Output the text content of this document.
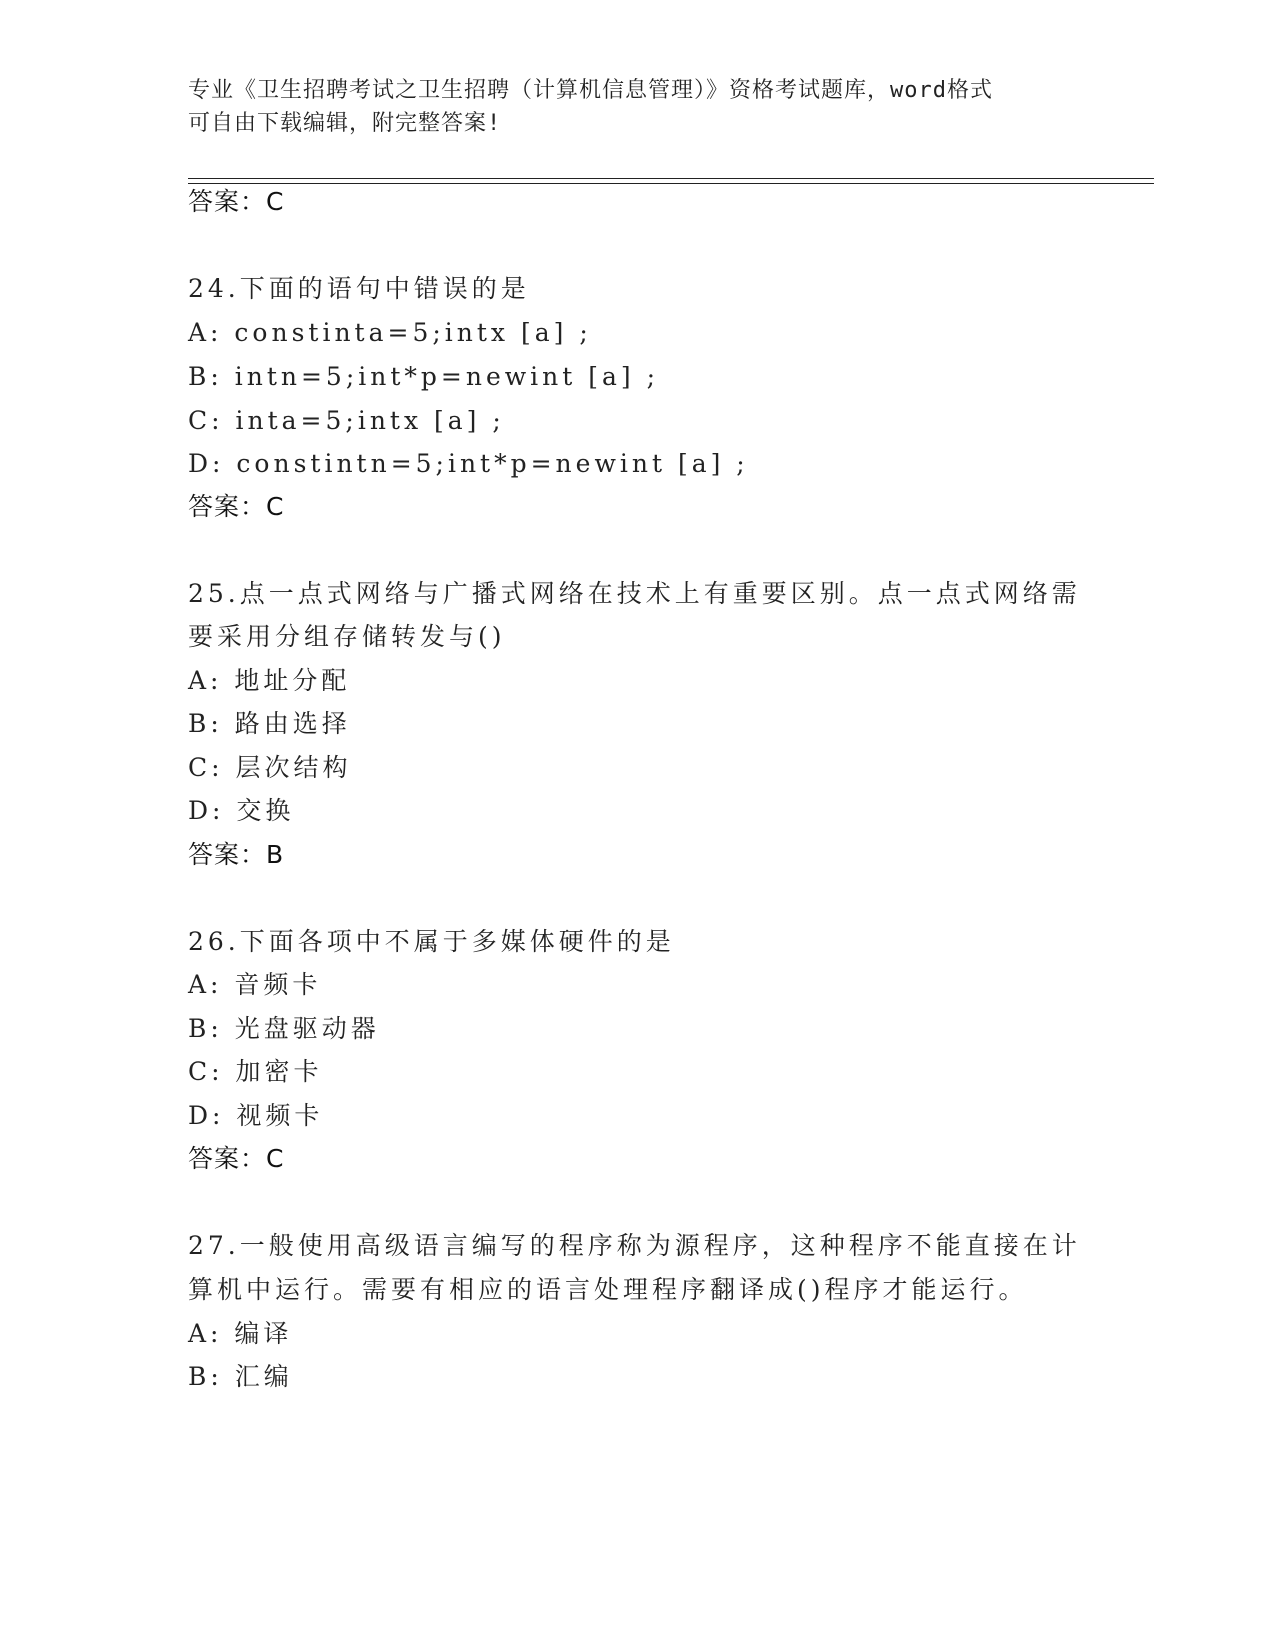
专业《卫生招聘考试之卫生招聘（计算机信息管理）》资格考试题库，word格式
可自由下载编辑，附完整答案!
答案：C
24.下面的语句中错误的是
A: constinta=5;intx [a] ;
B: intn=5;int*p=newint [a] ;
C: inta=5;intx [a] ;
D: constintn=5;int*p=newint [a] ;
答案：C
25.点一点式网络与广播式网络在技术上有重要区别。点一点式网络需
要采用分组存储转发与()
A: 地址分配
B: 路由选择
C: 层次结构
D: 交换
答案：B
26.下面各项中不属于多媒体硬件的是
A: 音频卡
B: 光盘驱动器
C: 加密卡
D: 视频卡
答案：C
27.一般使用高级语言编写的程序称为源程序，这种程序不能直接在计
算机中运行。需要有相应的语言处理程序翻译成()程序才能运行。
A: 编译
B: 汇编
